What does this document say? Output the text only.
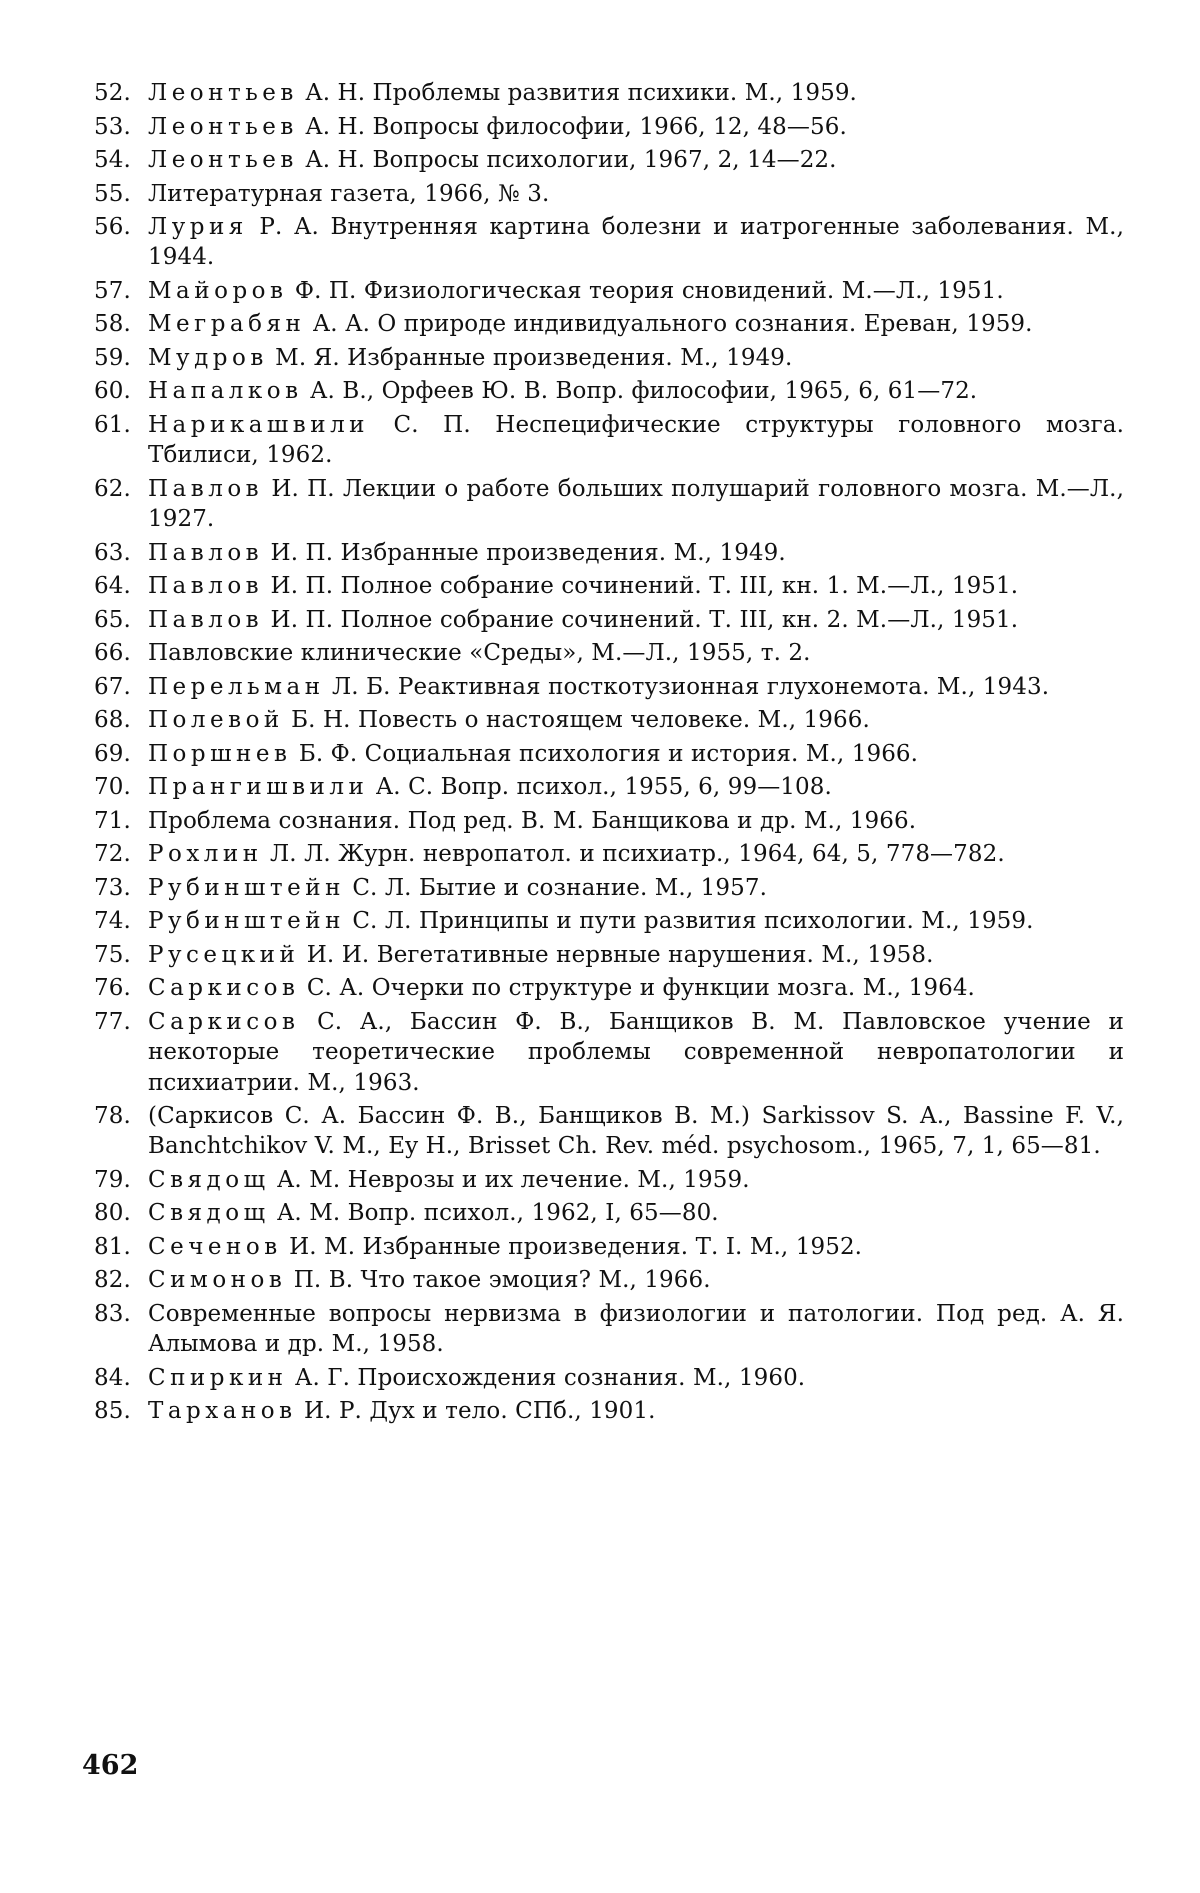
52. Леонтьев А. Н. Проблемы развития психики. М., 1959.
53. Леонтьев А. Н. Вопросы философии, 1966, 12, 48—56.
54. Леонтьев А. Н. Вопросы психологии, 1967, 2, 14—22.
55. Литературная газета, 1966, № 3.
56. Лурия Р. А. Внутренняя картина болезни и иатрогенные заболевания. М., 1944.
57. Майоров Ф. П. Физиологическая теория сновидений. М.—Л., 1951.
58. Меграбян А. А. О природе индивидуального сознания. Ереван, 1959.
59. Мудров М. Я. Избранные произведения. М., 1949.
60. Напалков А. В., Орфеев Ю. В. Вопр. философии, 1965, 6, 61—72.
61. Нарикашвили С. П. Неспецифические структуры головного мозга. Тбилиси, 1962.
62. Павлов И. П. Лекции о работе больших полушарий головного мозга. М.—Л., 1927.
63. Павлов И. П. Избранные произведения. М., 1949.
64. Павлов И. П. Полное собрание сочинений. Т. III, кн. 1. М.—Л., 1951.
65. Павлов И. П. Полное собрание сочинений. Т. III, кн. 2. М.—Л., 1951.
66. Павловские клинические «Среды», М.—Л., 1955, т. 2.
67. Перельман Л. Б. Реактивная посткотузионная глухонемота. М., 1943.
68. Полевой Б. Н. Повесть о настоящем человеке. М., 1966.
69. Поршнев Б. Ф. Социальная психология и история. М., 1966.
70. Прангишвили А. С. Вопр. психол., 1955, 6, 99—108.
71. Проблема сознания. Под ред. В. М. Банщикова и др. М., 1966.
72. Рохлин Л. Л. Журн. невропатол. и психиатр., 1964, 64, 5, 778—782.
73. Рубинштейн С. Л. Бытие и сознание. М., 1957.
74. Рубинштейн С. Л. Принципы и пути развития психологии. М., 1959.
75. Русецкий И. И. Вегетативные нервные нарушения. М., 1958.
76. Саркисов С. А. Очерки по структуре и функции мозга. М., 1964.
77. Саркисов С. А., Бассин Ф. В., Банщиков В. М. Павловское учение и некоторые теоретические проблемы современной невропатологии и психиатрии. М., 1963.
78. (Саркисов С. А. Бассин Ф. В., Банщиков В. М.) Sarkissov S. A., Bassine F. V., Banchtchikov V. M., Ey H., Brisset Ch. Rev. méd. psychosom., 1965, 7, 1, 65—81.
79. Свядощ А. М. Неврозы и их лечение. М., 1959.
80. Свядощ А. М. Вопр. психол., 1962, I, 65—80.
81. Сеченов И. М. Избранные произведения. Т. I. М., 1952.
82. Симонов П. В. Что такое эмоция? М., 1966.
83. Современные вопросы нервизма в физиологии и патологии. Под ред. А. Я. Алымова и др. М., 1958.
84. Спиркин А. Г. Происхождения сознания. М., 1960.
85. Тарханов И. Р. Дух и тело. СПб., 1901.
462
